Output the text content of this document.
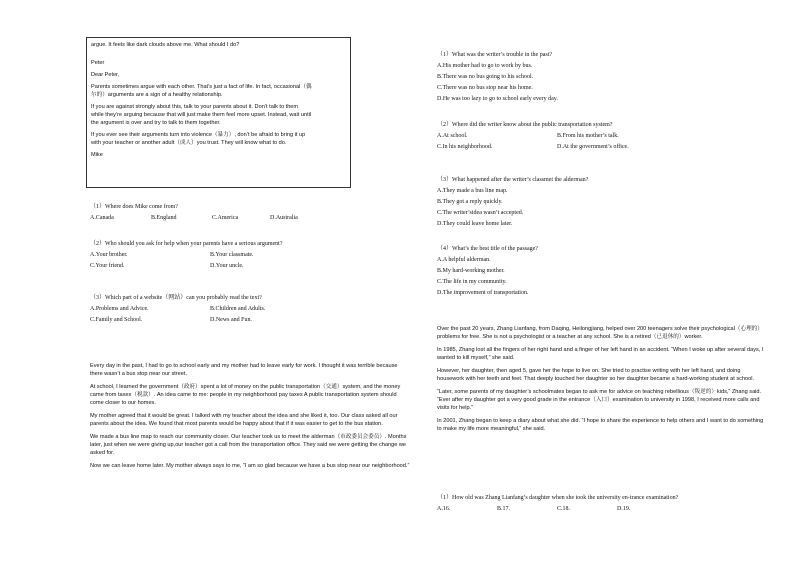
argue. It feels like dark clouds above me. What should I do?

Peter

Dear Peter,

Parents sometimes argue with each other. That’s just a fact of life. In fact, occasional（偶

尔的）arguments are a sign of a healthy relationship.

If you are against strongly about this, talk to your parents about it. Don’t talk to them

while they’re arguing because that will just make them feel more upset. Instead, wait until

the argument is over and try to talk to them together.

If you ever see their arguments turn into violence（暴力）, don’t be afraid to bring it up

with your teacher or another adult（成人）you trust. They will know what to do.

Mike

（1）Where does Mike come from?

A.Canada	B.England	C.America	D.Australia

（2）Who should you ask for help when your parents have a serious argument?

A.Your brother.	B.Your classmate.
C.Your friend.	D.Your uncle.

（3）Which part of a website（网站）can you probably read the text?

A.Problems and Advice.	B.Children and Adults.
C.Family and School.	D.News and Fun.

Every day in the past, I had to go to school early and my mother had to leave early for work. I thought it was terrible because there wasn’t a bus stop near our street.

At school, I learned the government（政府）spent a lot of money on the public transportation（交通）system, and the money came from taxes（税款）. An idea came to me: people in my neighborhood pay taxes A public transportation system should come closer to our homes.

My mother agreed that it would be great. I talked with my teacher about the idea and she liked it, too. Our class asked all our parents about the idea. We found that most parents would be happy about that if it was easier to get to the bus station.

We made a bus line map to reach our community closer. Our teacher took us to meet the alderman（市政委员会委员）. Months later, just when we were giving up,our teacher got a call from the transportation office. They said we were getting the change we asked for.

Now we can leave home later. My mother always says to me, “I am so glad because we have a bus stop near our neighborhood.”

（1）What was the writer’s trouble in the past?

A.His mother had to go to work by bus.

B.There was no bus going to his school.

C.There was no bus stop near his home.

D.He was too lazy to go to school early every day.

（2）Where did the writer know about the public transportation system?

A.At school.	B.From his mother’s talk.
C.In his neighborhood.	D.At the government’s office.

（3）What happened after the writer’s classmet the alderman?

A.They made a bus line map.

B.They got a reply quickly.

C.The writer’sidea wasn’t accepted.

D.They could leave home later.

（4）What’s the best title of the passage?

A.A helpful alderman.

B.My hard-working mother.

C.The life in my community.

D.The improvement of transportation.

Over the past 20 years, Zhang Lianfang, from Daqing, Heilongjiang, helped over 200 teenagers solve their psychological（心理的）problems for free. She is not a psychologist or a teacher at any school. She is a retired（已退休的）worker.

In 1985, Zhang lost all the fingers of her right hand and a finger of her left hand in an accident. “When I woke up after several days, I wanted to kill myself,” she said.

However, her daughter, then aged 5, gave her the hope to live on. She tried to practise writing with her left hand, and doing housework with her teeth and feet. That deeply touched her daughter so her daughter became a hard-working student at school.

“Later, some parents of my daughter’s schoolmates began to ask me for advice on teaching rebellious（叛逆的）kids,” Zhang said. “Ever after my daughter got a very good grade in the entrance（入口）examination to university in 1998, I received more calls and visits for help.”

In 2001, Zhang began to keep a diary about what she did. “I hope to share the experience to help others and I want to do something to make my life more meaningful,” she said.

（1）How old was Zhang Lianfang’s daughter when she took the university en-trance examination?

A.16.	B.17.	C.18.	D.19.
